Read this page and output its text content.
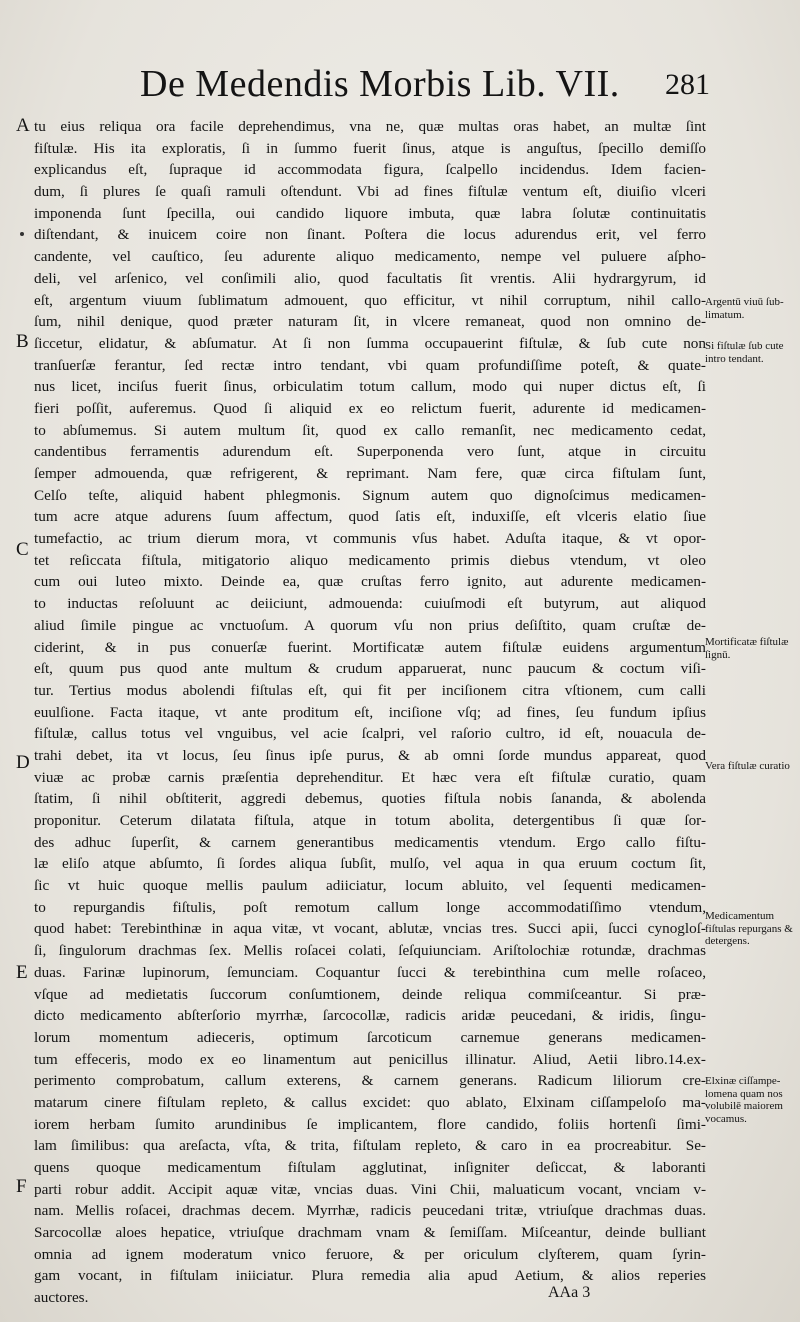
De Medendis Morbis Lib. VII. 281
A
B
C
D
E
F
tu eius reliqua ora facile deprehendimus, vna ne, quæ multas oras habet, an multæ ſint
fiſtulæ. His ita exploratis, ſi in ſummo fuerit ſinus, atque is anguſtus, ſpecillo demiſſo
explicandus eſt, ſupraque id accommodata figura, ſcalpello incidendus. Idem facien-
dum, ſi plures ſe quaſi ramuli oſtendunt. Vbi ad fines fiſtulæ ventum eſt, diuiſio vlceri
imponenda ſunt ſpecilla, oui candido liquore imbuta, quæ labra ſolutæ continuitatis
diſtendant, & inuicem coire non ſinant. Poſtera die locus adurendus erit, vel ferro
candente, vel cauſtico, ſeu adurente aliquo medicamento, nempe vel puluere aſpho-
deli, vel arſenico, vel conſimili alio, quod facultatis ſit vrentis. Alii hydrargyrum, id
eſt, argentum viuum ſublimatum admouent, quo efficitur, vt nihil corruptum, nihil callo-
ſum, nihil denique, quod præter naturam ſit, in vlcere remaneat, quod non omnino de-
ſiccetur, elidatur, & abſumatur. At ſi non ſumma occupauerint fiſtulæ, & ſub cute non
tranſuerſæ ferantur, ſed rectæ intro tendant, vbi quam profundiſſime poteſt, & quate-
nus licet, inciſus fuerit ſinus, orbiculatim totum callum, modo qui nuper dictus eſt, ſi
fieri poſſit, auferemus. Quod ſi aliquid ex eo relictum fuerit, adurente id medicamen-
to abſumemus. Si autem multum ſit, quod ex callo remanſit, nec medicamento cedat,
candentibus ferramentis adurendum eſt. Superponenda vero ſunt, atque in circuitu
ſemper admouenda, quæ refrigerent, & reprimant. Nam fere, quæ circa fiſtulam ſunt,
Celſo teſte, aliquid habent phlegmonis. Signum autem quo dignoſcimus medicamen-
tum acre atque adurens ſuum affectum, quod ſatis eſt, induxiſſe, eſt vlceris elatio ſiue
tumefactio, ac trium dierum mora, vt communis vſus habet. Aduſta itaque, & vt opor-
tet reſiccata fiſtula, mitigatorio aliquo medicamento primis diebus vtendum, vt oleo
cum oui luteo mixto. Deinde ea, quæ cruſtas ferro ignito, aut adurente medicamen-
to inductas reſoluunt ac deiiciunt, admouenda: cuiuſmodi eſt butyrum, aut aliquod
aliud ſimile pingue ac vnctuoſum. A quorum vſu non prius deſiſtito, quam cruſtæ de-
ciderint, & in pus conuerſæ fuerint. Mortificatæ autem fiſtulæ euidens argumentum
eſt, quum pus quod ante multum & crudum apparuerat, nunc paucum & coctum viſi-
tur. Tertius modus abolendi fiſtulas eſt, qui fit per inciſionem citra vſtionem, cum calli
euulſione. Facta itaque, vt ante proditum eſt, inciſione vſq; ad fines, ſeu fundum ipſius
fiſtulæ, callus totus vel vnguibus, vel acie ſcalpri, vel raſorio cultro, id eſt, nouacula de-
trahi debet, ita vt locus, ſeu ſinus ipſe purus, & ab omni ſorde mundus appareat, quod
viuæ ac probæ carnis præſentia deprehenditur. Et hæc vera eſt fiſtulæ curatio, quam
ſtatim, ſi nihil obſtiterit, aggredi debemus, quoties fiſtula nobis ſananda, & abolenda
proponitur. Ceterum dilatata fiſtula, atque in totum abolita, detergentibus ſi quæ ſor-
des adhuc ſuperſit, & carnem generantibus medicamentis vtendum. Ergo callo fiſtu-
læ eliſo atque abſumto, ſi ſordes aliqua ſubſit, mulſo, vel aqua in qua eruum coctum ſit,
ſic vt huic quoque mellis paulum adiiciatur, locum abluito, vel ſequenti medicamen-
to repurgandis fiſtulis, poſt remotum callum longe accommodatiſſimo vtendum,
quod habet: Terebinthinæ in aqua vitæ, vt vocant, ablutæ, vncias tres. Succi apii, ſucci cynogloſ-
ſi, ſingulorum drachmas ſex. Mellis roſacei colati, ſeſquiunciam. Ariſtolochiæ rotundæ, drachmas
duas. Farinæ lupinorum, ſemunciam. Coquantur ſucci & terebinthina cum melle roſaceo,
vſque ad medietatis ſuccorum conſumtionem, deinde reliqua commiſceantur. Si præ-
dicto medicamento abſterſorio myrrhæ, ſarcocollæ, radicis aridæ peucedani, & iridis, ſingu-
lorum momentum adieceris, optimum ſarcoticum carnemue generans medicamen-
tum effeceris, modo ex eo linamentum aut penicillus illinatur. Aliud, Aetii libro.14.ex-
perimento comprobatum, callum exterens, & carnem generans. Radicum liliorum cre-
matarum cinere fiſtulam repleto, & callus excidet: quo ablato, Elxinam ciſſampeloſo ma-
iorem herbam ſumito arundinibus ſe implicantem, flore candido, foliis hortenſi ſimi-
lam ſimilibus: qua areſacta, vſta, & trita, fiſtulam repleto, & caro in ea procreabitur. Se-
quens quoque medicamentum fiſtulam agglutinat, inſigniter deſiccat, & laboranti
parti robur addit. Accipit aquæ vitæ, vncias duas. Vini Chii, maluaticum vocant, vnciam v-
nam. Mellis roſacei, drachmas decem. Myrrhæ, radicis peucedani tritæ, vtriuſque drachmas duas.
Sarcocollæ aloes hepatice, vtriuſque drachmam vnam & ſemiſſam. Miſceantur, deinde bulliant
omnia ad ignem moderatum vnico feruore, & per oriculum clyſterem, quam ſyrin-
gam vocant, in fiſtulam iniiciatur. Plura remedia alia apud Aetium, & alios reperies
auctores.
Argentū viuū ſublimatum.
Si fiſtulæ ſub cute intro tendant.
Mortificatæ fiſtulæ ſignū.
Vera fiſtulæ curatio
Medicamentum fiſtulas repurgans & detergens.
Elxinæ ciſſampelomena quam nos volubilē maiorem vocamus.
AAa 3
